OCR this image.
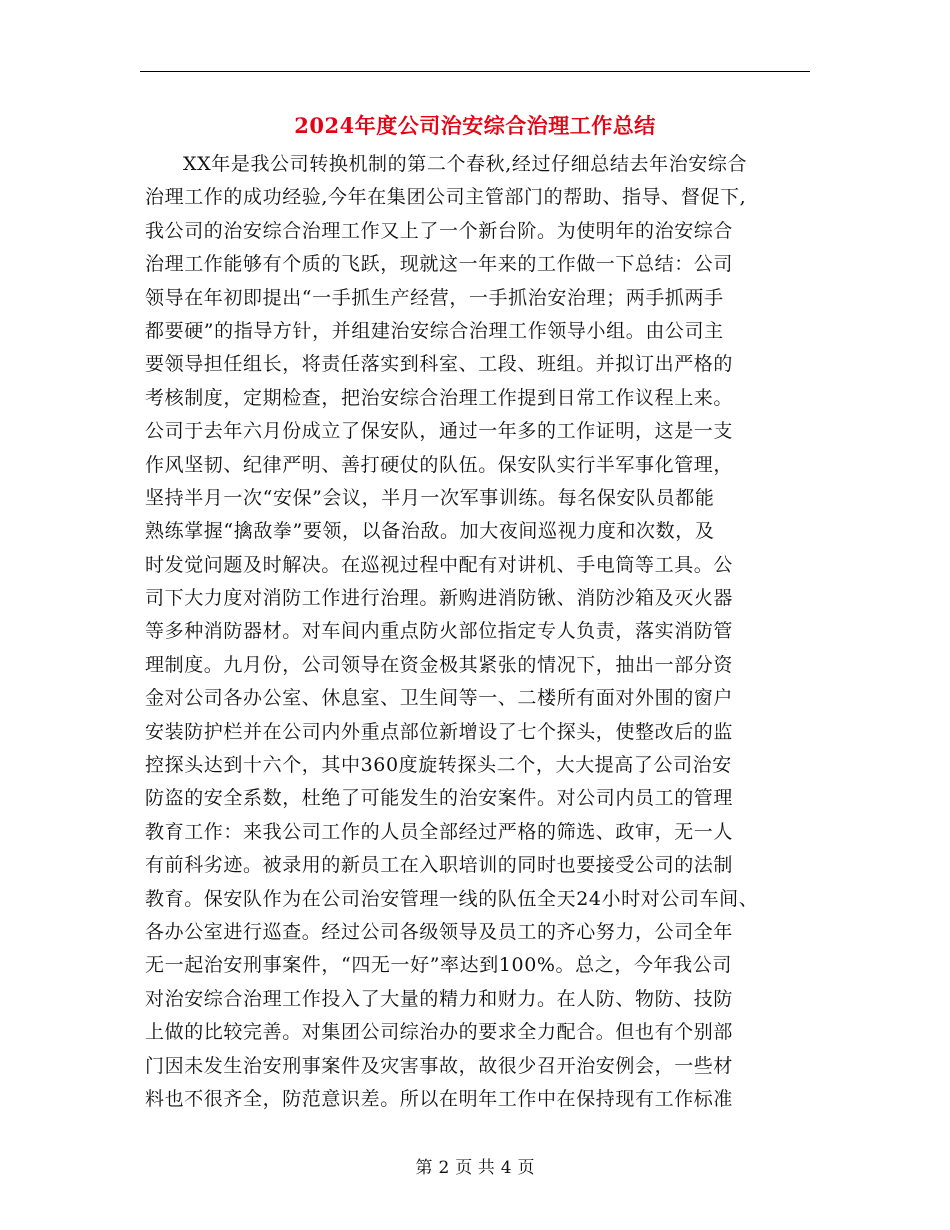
2024年度公司治安综合治理工作总结
XX年是我公司转换机制的第二个春秋,经过仔细总结去年治安综合
治理工作的成功经验,今年在集团公司主管部门的帮助、指导、督促下,
我公司的治安综合治理工作又上了一个新台阶。为使明年的治安综合
治理工作能够有个质的飞跃，现就这一年来的工作做一下总结：公司
领导在年初即提出“一手抓生产经营，一手抓治安治理；两手抓两手
都要硬”的指导方针，并组建治安综合治理工作领导小组。由公司主
要领导担任组长，将责任落实到科室、工段、班组。并拟订出严格的
考核制度，定期检查，把治安综合治理工作提到日常工作议程上来。
公司于去年六月份成立了保安队，通过一年多的工作证明，这是一支
作风坚韧、纪律严明、善打硬仗的队伍。保安队实行半军事化管理，
坚持半月一次“安保”会议，半月一次军事训练。每名保安队员都能
熟练掌握“擒敌拳”要领，以备治敌。加大夜间巡视力度和次数，及
时发觉问题及时解决。在巡视过程中配有对讲机、手电筒等工具。公
司下大力度对消防工作进行治理。新购进消防锹、消防沙箱及灭火器
等多种消防器材。对车间内重点防火部位指定专人负责，落实消防管
理制度。九月份，公司领导在资金极其紧张的情况下，抽出一部分资
金对公司各办公室、休息室、卫生间等一、二楼所有面对外围的窗户
安装防护栏并在公司内外重点部位新增设了七个探头，使整改后的监
控探头达到十六个，其中360度旋转探头二个，大大提高了公司治安
防盗的安全系数，杜绝了可能发生的治安案件。对公司内员工的管理
教育工作：来我公司工作的人员全部经过严格的筛选、政审，无一人
有前科劣迹。被录用的新员工在入职培训的同时也要接受公司的法制
教育。保安队作为在公司治安管理一线的队伍全天24小时对公司车间、
各办公室进行巡查。经过公司各级领导及员工的齐心努力，公司全年
无一起治安刑事案件，“四无一好”率达到100%。总之，今年我公司
对治安综合治理工作投入了大量的精力和财力。在人防、物防、技防
上做的比较完善。对集团公司综治办的要求全力配合。但也有个别部
门因未发生治安刑事案件及灾害事故，故很少召开治安例会，一些材
料也不很齐全，防范意识差。所以在明年工作中在保持现有工作标准
第 2 页 共 4 页
